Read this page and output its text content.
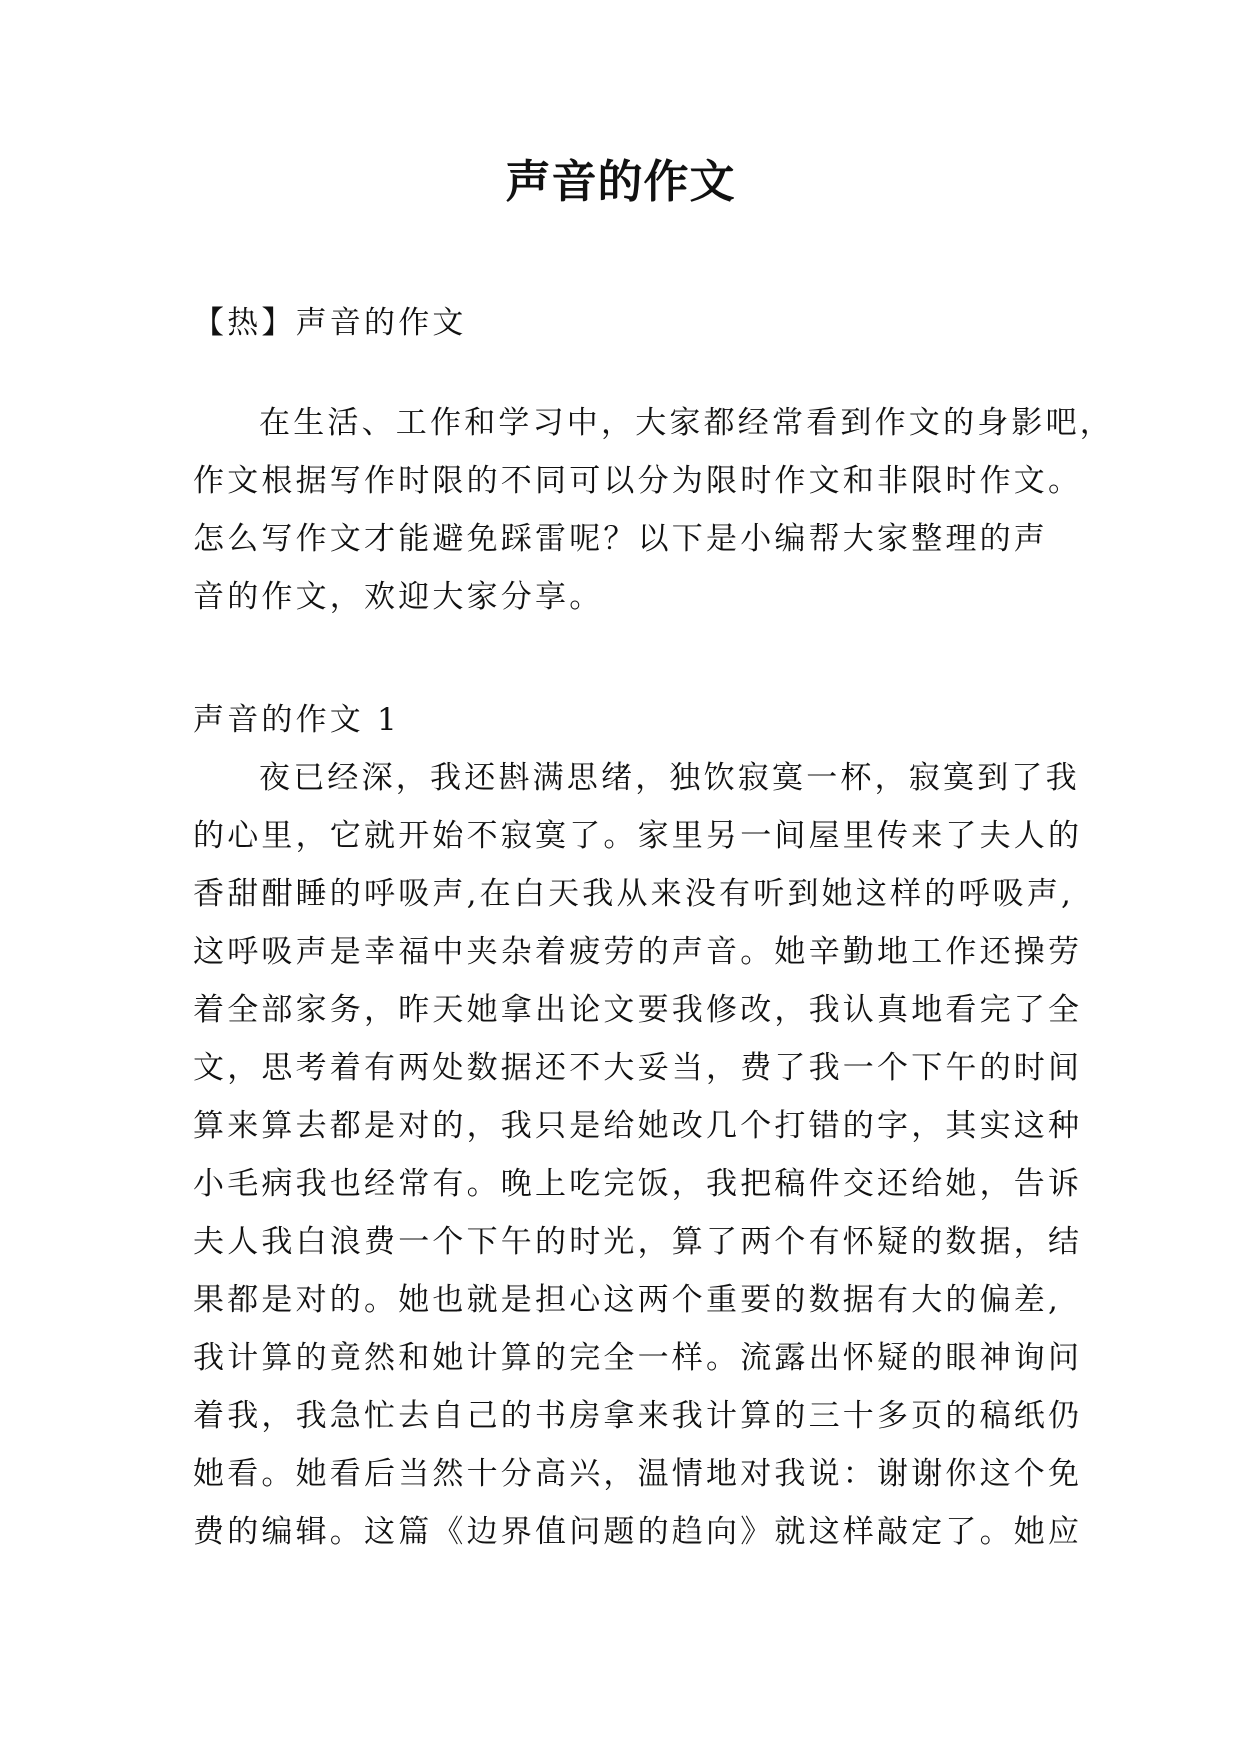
声音的作文
【热】声音的作文
在生活、工作和学习中，大家都经常看到作文的身影吧，
作文根据写作时限的不同可以分为限时作文和非限时作文。
怎么写作文才能避免踩雷呢？以下是小编帮大家整理的声
音的作文，欢迎大家分享。
声音的作文 1
夜已经深，我还斟满思绪，独饮寂寞一杯，寂寞到了我
的心里，它就开始不寂寞了。家里另一间屋里传来了夫人的
香甜酣睡的呼吸声,在白天我从来没有听到她这样的呼吸声,
这呼吸声是幸福中夹杂着疲劳的声音。她辛勤地工作还操劳
着全部家务，昨天她拿出论文要我修改，我认真地看完了全
文，思考着有两处数据还不大妥当，费了我一个下午的时间
算来算去都是对的，我只是给她改几个打错的字，其实这种
小毛病我也经常有。晚上吃完饭，我把稿件交还给她，告诉
夫人我白浪费一个下午的时光，算了两个有怀疑的数据，结
果都是对的。她也就是担心这两个重要的数据有大的偏差,
我计算的竟然和她计算的完全一样。流露出怀疑的眼神询问
着我，我急忙去自己的书房拿来我计算的三十多页的稿纸仍
她看。她看后当然十分高兴，温情地对我说：谢谢你这个免
费的编辑。这篇《边界值问题的趋向》就这样敲定了。她应
